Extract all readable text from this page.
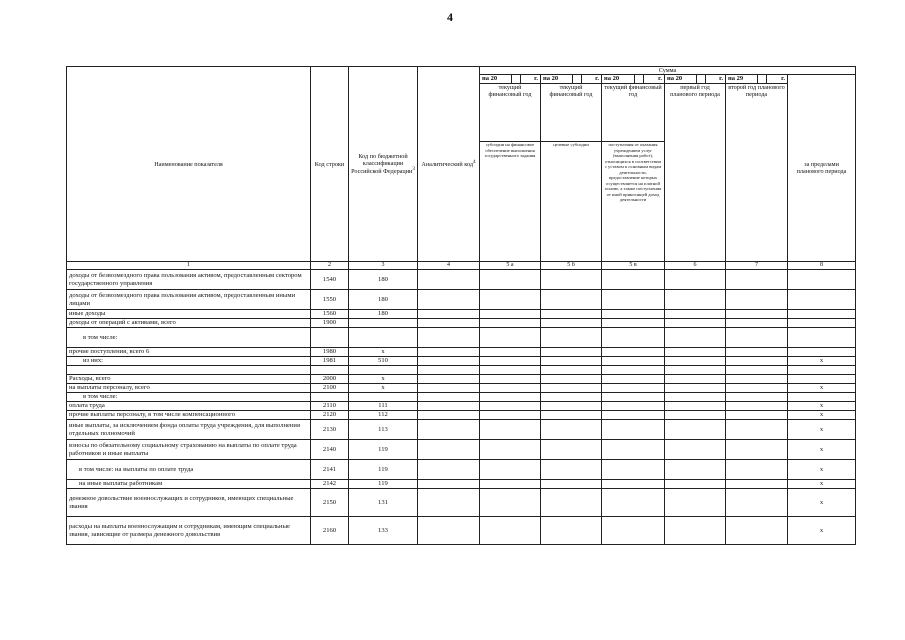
4
Наименование показателя	Код строки	Код по бюджетной классификации Российской Федерации$^3$	Аналитический код$^4$	Сумма					

				на 20 г.	на 20 г.	на 20 г.	на 20 г.	на 29 г.	за пределами планового периода
				текущий финансовый год	текущий финансовый год	текущий финансовый год	первый год планового периода	второй год планового периода	
				субсидии на финансовое обеспечение выполнения государственного задания	целевые субсидии	поступления от оказания учреждением услуг (выполнения работ), относящихся в соответствии с уставом к основным видам деятельности, предоставление которых осуществляется на платной основе, а также поступления от иной приносящей доход деятельности			
1	2	3	4	5 а	5 б	5 в	6	7	8
доходы от безвозмездного права пользования активом, предоставленным сектором государственного управления	1540	180							
доходы от безвозмездного права пользования активом, предоставленным иными лицами	1550	180							
иные доходы	1560	180							
доходы от операций с активами, всего	1900								
в том числе:									
прочие поступления, всего 6	1980	x							
из них:	1981	510							x

Расходы, всего	2000	x							
на выплаты персоналу, всего	2100	x							x
в том числе:									
оплата труда	2110	111							x
прочие выплаты персоналу, в том числе компенсационного	2120	112							x
иные выплаты, за исключением фонда оплаты труда учреждения, для выполнения отдельных полномочий	2130	113							x
взносы по обязательному социальному страхованию на выплаты по оплате труда работников и иные выплаты	2140	119							x
в том числе: на выплаты по оплате труда	2141	119							x
на иные выплаты работникам	2142	119							x
денежное довольствие военнослужащих и сотрудников, имеющих специальные звания	2150	131							x
расходы на выплаты военнослужащим и сотрудникам, имеющим специальные звания, зависящие от размера денежного довольствия	2160	133							x
